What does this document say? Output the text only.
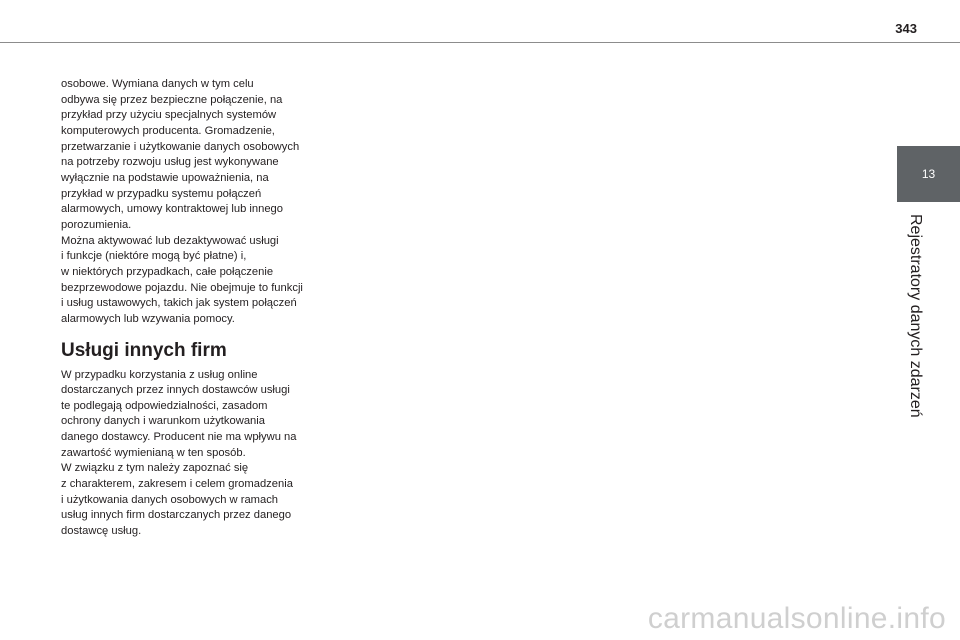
343
13
Rejestratory danych zdarzeń

osobowe. Wymiana danych w tym celu
odbywa się przez bezpieczne połączenie, na
przykład przy użyciu specjalnych systemów
komputerowych producenta. Gromadzenie,
przetwarzanie i użytkowanie danych osobowych
na potrzeby rozwoju usług jest wykonywane
wyłącznie na podstawie upoważnienia, na
przykład w przypadku systemu połączeń
alarmowych, umowy kontraktowej lub innego
porozumienia.

Można aktywować lub dezaktywować usługi
i funkcje (niektóre mogą być płatne) i,
w niektórych przypadkach, całe połączenie
bezprzewodowe pojazdu. Nie obejmuje to funkcji
i usług ustawowych, takich jak system połączeń
alarmowych lub wzywania pomocy.

Usługi innych firm

W przypadku korzystania z usług online
dostarczanych przez innych dostawców usługi
te podlegają odpowiedzialności, zasadom
ochrony danych i warunkom użytkowania
danego dostawcy. Producent nie ma wpływu na
zawartość wymienianą w ten sposób.

W związku z tym należy zapoznać się
z charakterem, zakresem i celem gromadzenia
i użytkowania danych osobowych w ramach
usług innych firm dostarczanych przez danego
dostawcę usług.

carmanualsonline.info
